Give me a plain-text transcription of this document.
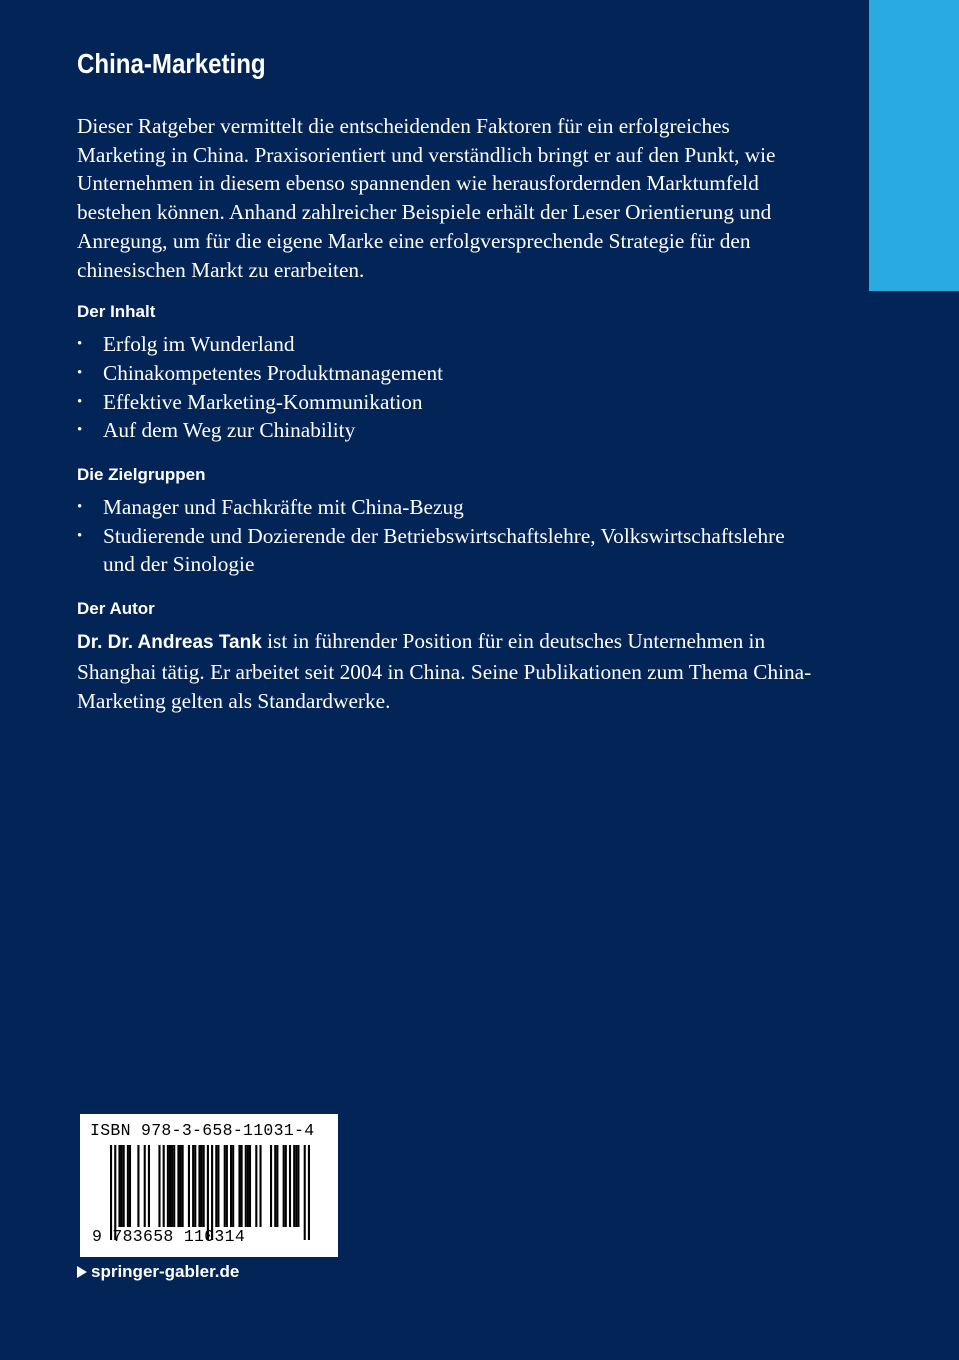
China-Marketing

Dieser Ratgeber vermittelt die entscheidenden Faktoren für ein erfolgreiches Marketing in China. Praxisorientiert und verständlich bringt er auf den Punkt, wie Unternehmen in diesem ebenso spannenden wie herausfordernden Marktumfeld bestehen können. Anhand zahlreicher Beispiele erhält der Leser Orientierung und Anregung, um für die eigene Marke eine erfolgversprechende Strategie für den chinesischen Markt zu erarbeiten.

Der Inhalt
• Erfolg im Wunderland
• Chinakompetentes Produktmanagement
• Effektive Marketing-Kommunikation
• Auf dem Weg zur Chinability
Die Zielgruppen
• Manager und Fachkräfte mit China-Bezug
• Studierende und Dozierende der Betriebswirtschaftslehre, Volkswirtschaftslehre und der Sinologie
Der Autor

Dr. Dr. Andreas Tank ist in führender Position für ein deutsches Unternehmen in Shanghai tätig. Er arbeitet seit 2004 in China. Seine Publikationen zum Thema China-Marketing gelten als Standardwerke.

ISBN 978-3-658-11031-4
9 783658 110314
springer-gabler.de
